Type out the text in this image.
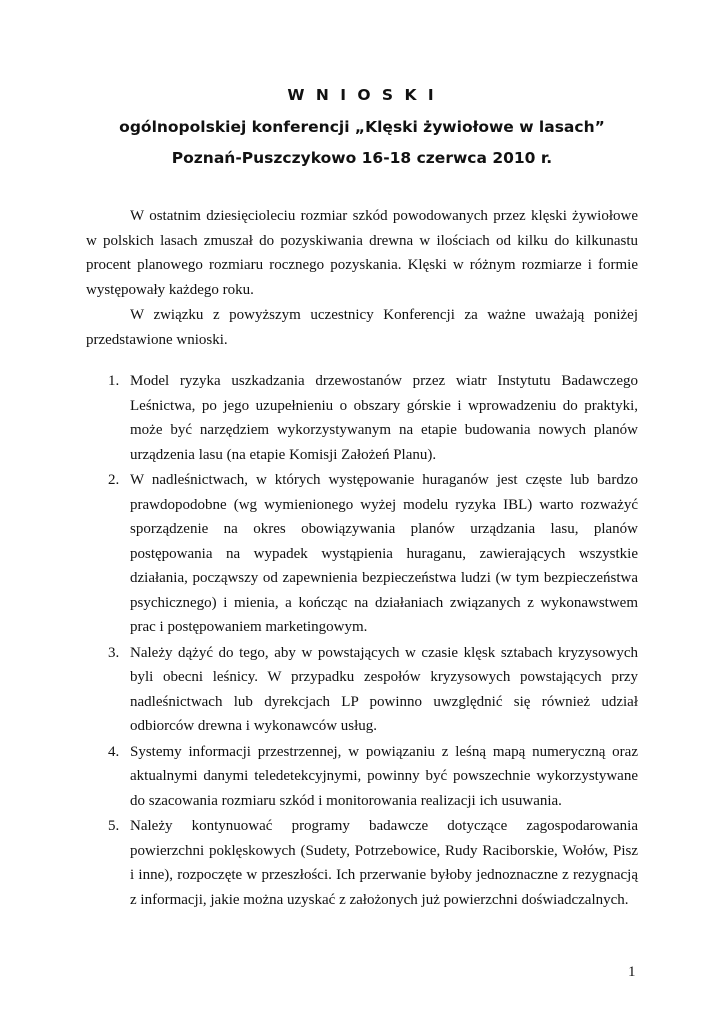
W N I O S K I
ogólnopolskiej konferencji „Klęski żywiołowe w lasach”
Poznań-Puszczykowo 16-18 czerwca 2010 r.

W ostatnim dziesięcioleciu rozmiar szkód powodowanych przez klęski żywiołowe w polskich lasach zmuszał do pozyskiwania drewna w ilościach od kilku do kilkunastu procent planowego rozmiaru rocznego pozyskania. Klęski w różnym rozmiarze i formie występowały każdego roku.

W związku z powyższym uczestnicy Konferencji za ważne uważają poniżej przedstawione wnioski.

1. Model ryzyka uszkadzania drzewostanów przez wiatr Instytutu Badawczego Leśnictwa, po jego uzupełnieniu o obszary górskie i wprowadzeniu do praktyki, może być narzędziem wykorzystywanym na etapie budowania nowych planów urządzenia lasu (na etapie Komisji Założeń Planu).
2. W nadleśnictwach, w których występowanie huraganów jest częste lub bardzo prawdopodobne (wg wymienionego wyżej modelu ryzyka IBL) warto rozważyć sporządzenie na okres obowiązywania planów urządzania lasu, planów postępowania na wypadek wystąpienia huraganu, zawierających wszystkie działania, począwszy od zapewnienia bezpieczeństwa ludzi (w tym bezpieczeństwa psychicznego) i mienia, a kończąc na działaniach związanych z wykonawstwem prac i postępowaniem marketingowym.
3. Należy dążyć do tego, aby w powstających w czasie klęsk sztabach kryzysowych byli obecni leśnicy. W przypadku zespołów kryzysowych powstających przy nadleśnictwach lub dyrekcjach LP powinno uwzględnić się również udział odbiorców drewna i wykonawców usług.
4. Systemy informacji przestrzennej, w powiązaniu z leśną mapą numeryczną oraz aktualnymi danymi teledetekcyjnymi, powinny być powszechnie wykorzystywane do szacowania rozmiaru szkód i monitorowania realizacji ich usuwania.
5. Należy kontynuować programy badawcze dotyczące zagospodarowania powierzchni poklęskowych (Sudety, Potrzebowice, Rudy Raciborskie, Wołów, Pisz i inne), rozpoczęte w przeszłości. Ich przerwanie byłoby jednoznaczne z rezygnacją z informacji, jakie można uzyskać z założonych już powierzchni doświadczalnych.
1
